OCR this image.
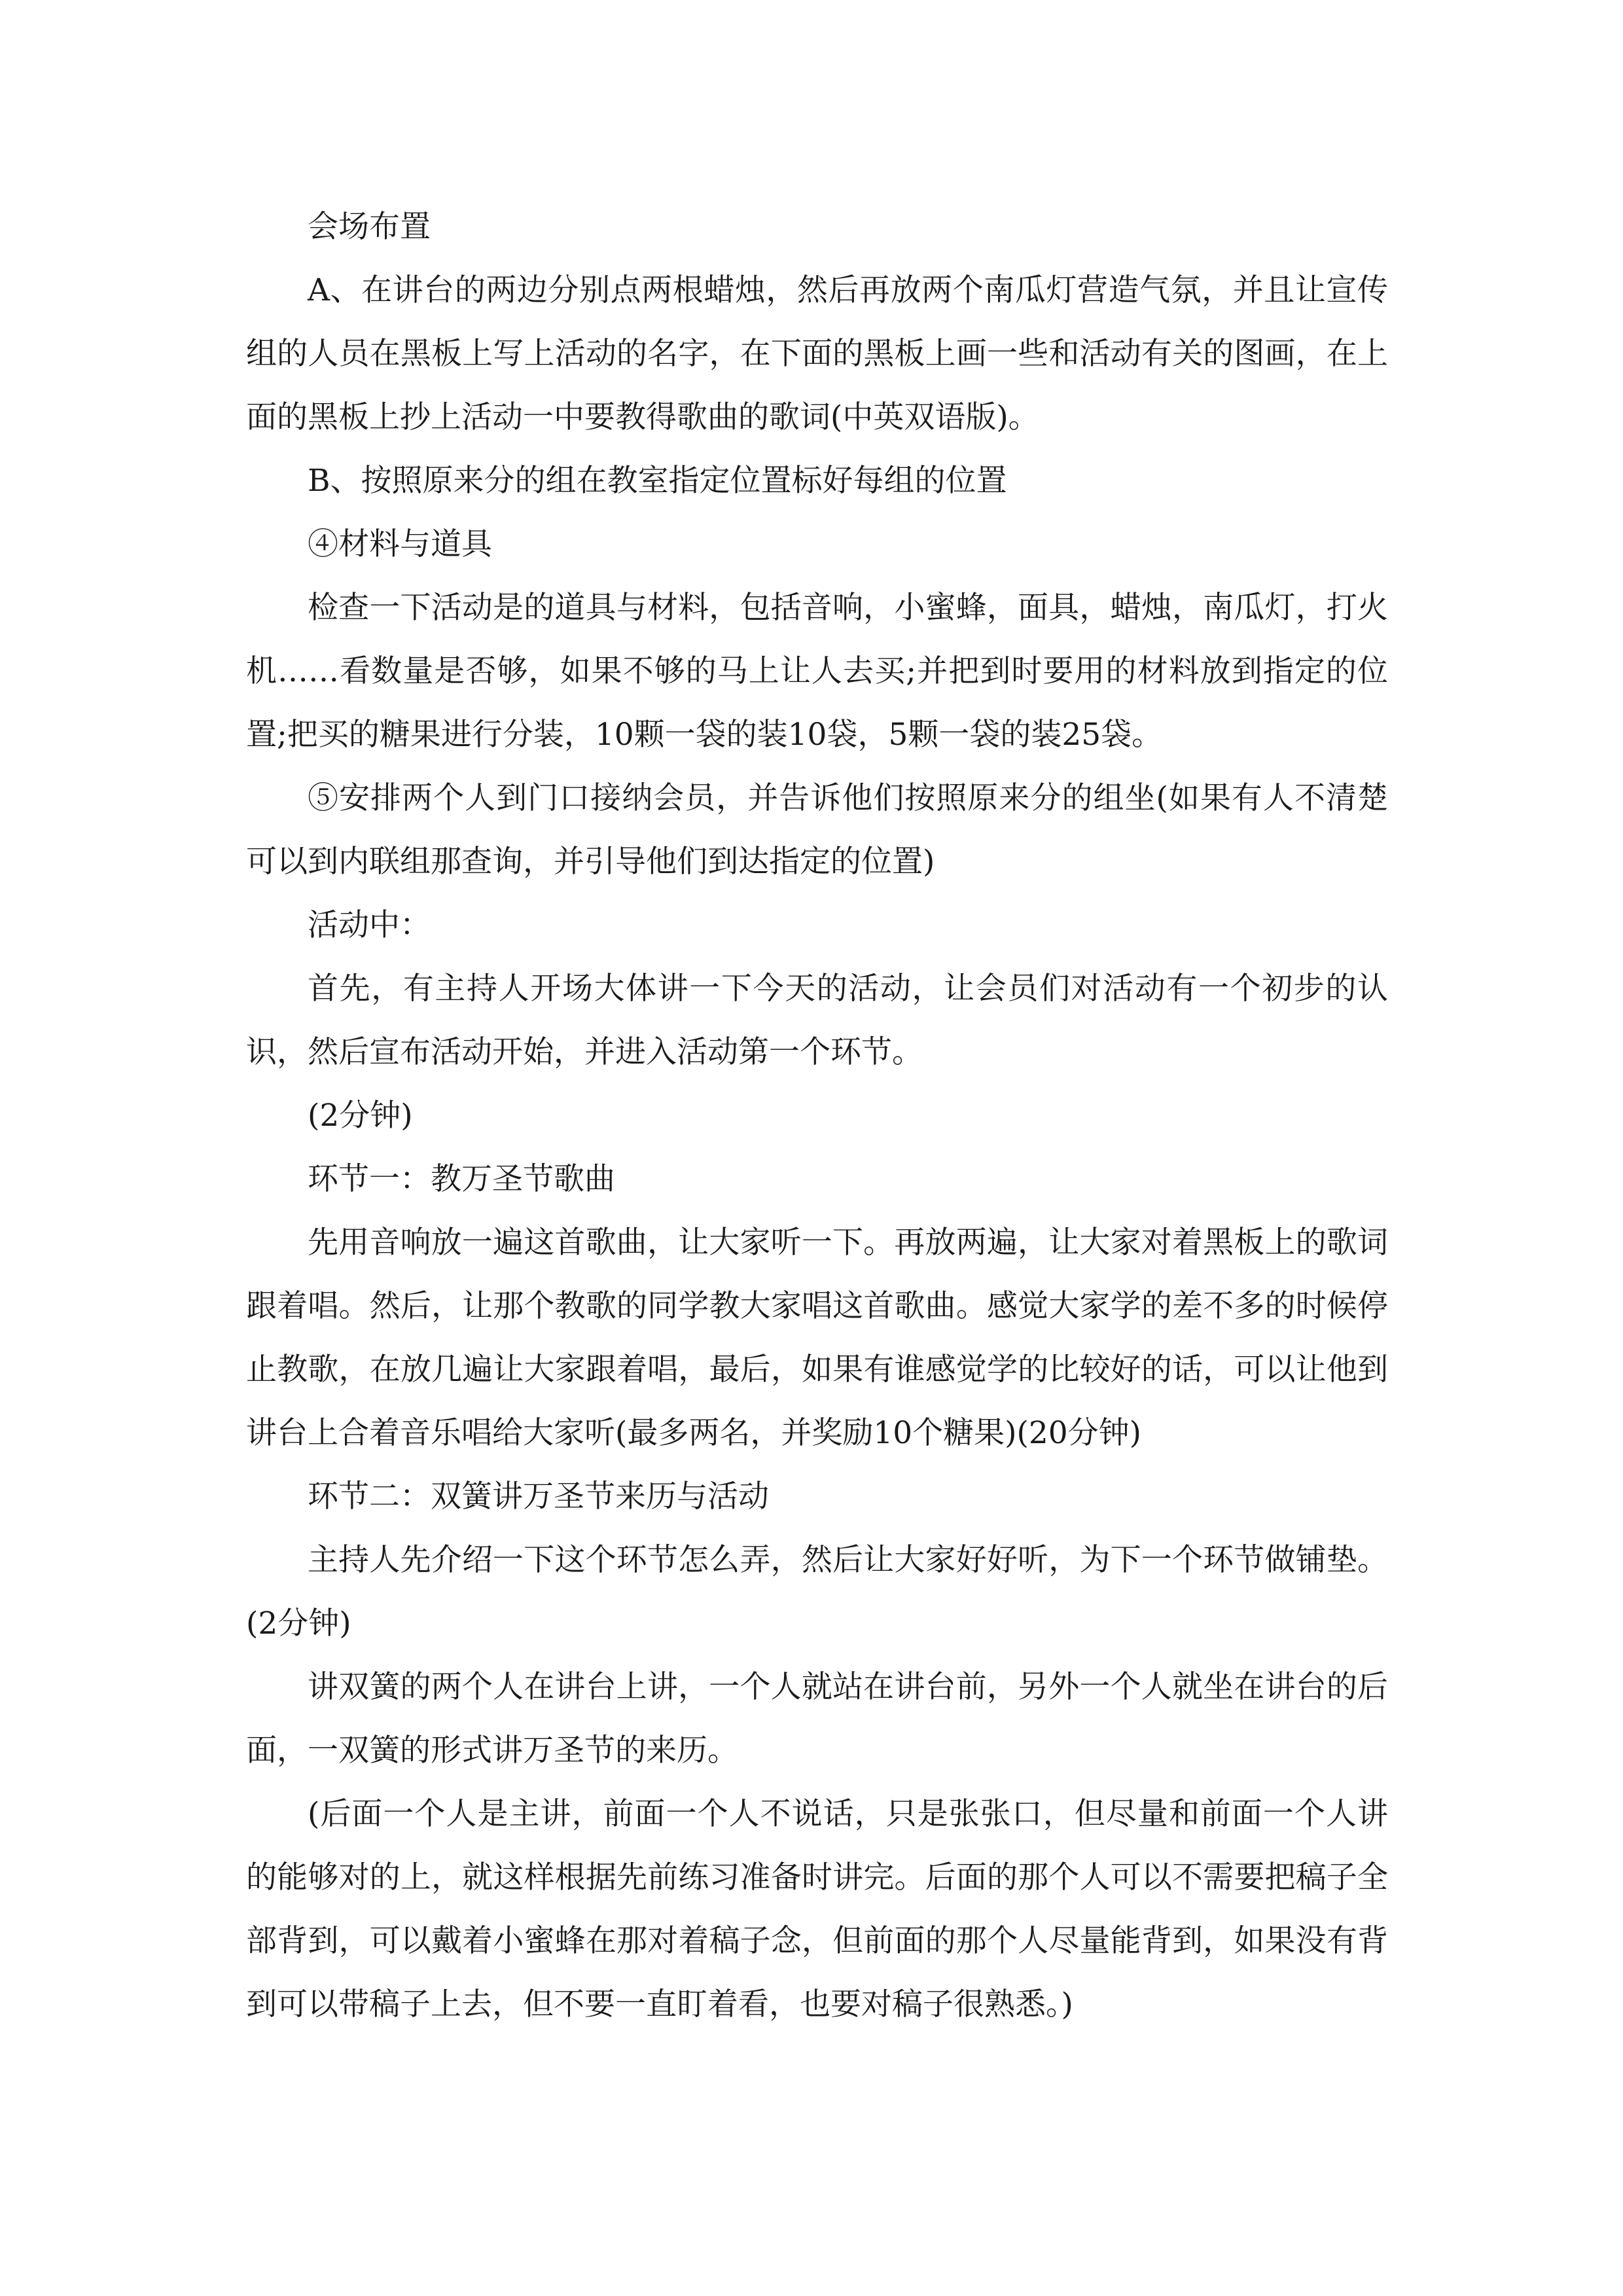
会场布置

A、在讲台的两边分别点两根蜡烛，然后再放两个南瓜灯营造气氛，并且让宣传组的人员在黑板上写上活动的名字，在下面的黑板上画一些和活动有关的图画，在上面的黑板上抄上活动一中要教得歌曲的歌词(中英双语版)。

B、按照原来分的组在教室指定位置标好每组的位置

④材料与道具

检查一下活动是的道具与材料，包括音响，小蜜蜂，面具，蜡烛，南瓜灯，打火机……看数量是否够，如果不够的马上让人去买;并把到时要用的材料放到指定的位置;把买的糖果进行分装，10颗一袋的装10袋，5颗一袋的装25袋。

⑤安排两个人到门口接纳会员，并告诉他们按照原来分的组坐(如果有人不清楚可以到内联组那查询，并引导他们到达指定的位置)

活动中：

首先，有主持人开场大体讲一下今天的活动，让会员们对活动有一个初步的认识，然后宣布活动开始，并进入活动第一个环节。

(2分钟)

环节一：教万圣节歌曲

先用音响放一遍这首歌曲，让大家听一下。再放两遍，让大家对着黑板上的歌词跟着唱。然后，让那个教歌的同学教大家唱这首歌曲。感觉大家学的差不多的时候停止教歌，在放几遍让大家跟着唱，最后，如果有谁感觉学的比较好的话，可以让他到讲台上合着音乐唱给大家听(最多两名，并奖励10个糖果)(20分钟)

环节二：双簧讲万圣节来历与活动

主持人先介绍一下这个环节怎么弄，然后让大家好好听，为下一个环节做铺垫。(2分钟)

讲双簧的两个人在讲台上讲，一个人就站在讲台前，另外一个人就坐在讲台的后面，一双簧的形式讲万圣节的来历。

(后面一个人是主讲，前面一个人不说话，只是张张口，但尽量和前面一个人讲的能够对的上，就这样根据先前练习准备时讲完。后面的那个人可以不需要把稿子全部背到，可以戴着小蜜蜂在那对着稿子念，但前面的那个人尽量能背到，如果没有背到可以带稿子上去，但不要一直盯着看，也要对稿子很熟悉。)
